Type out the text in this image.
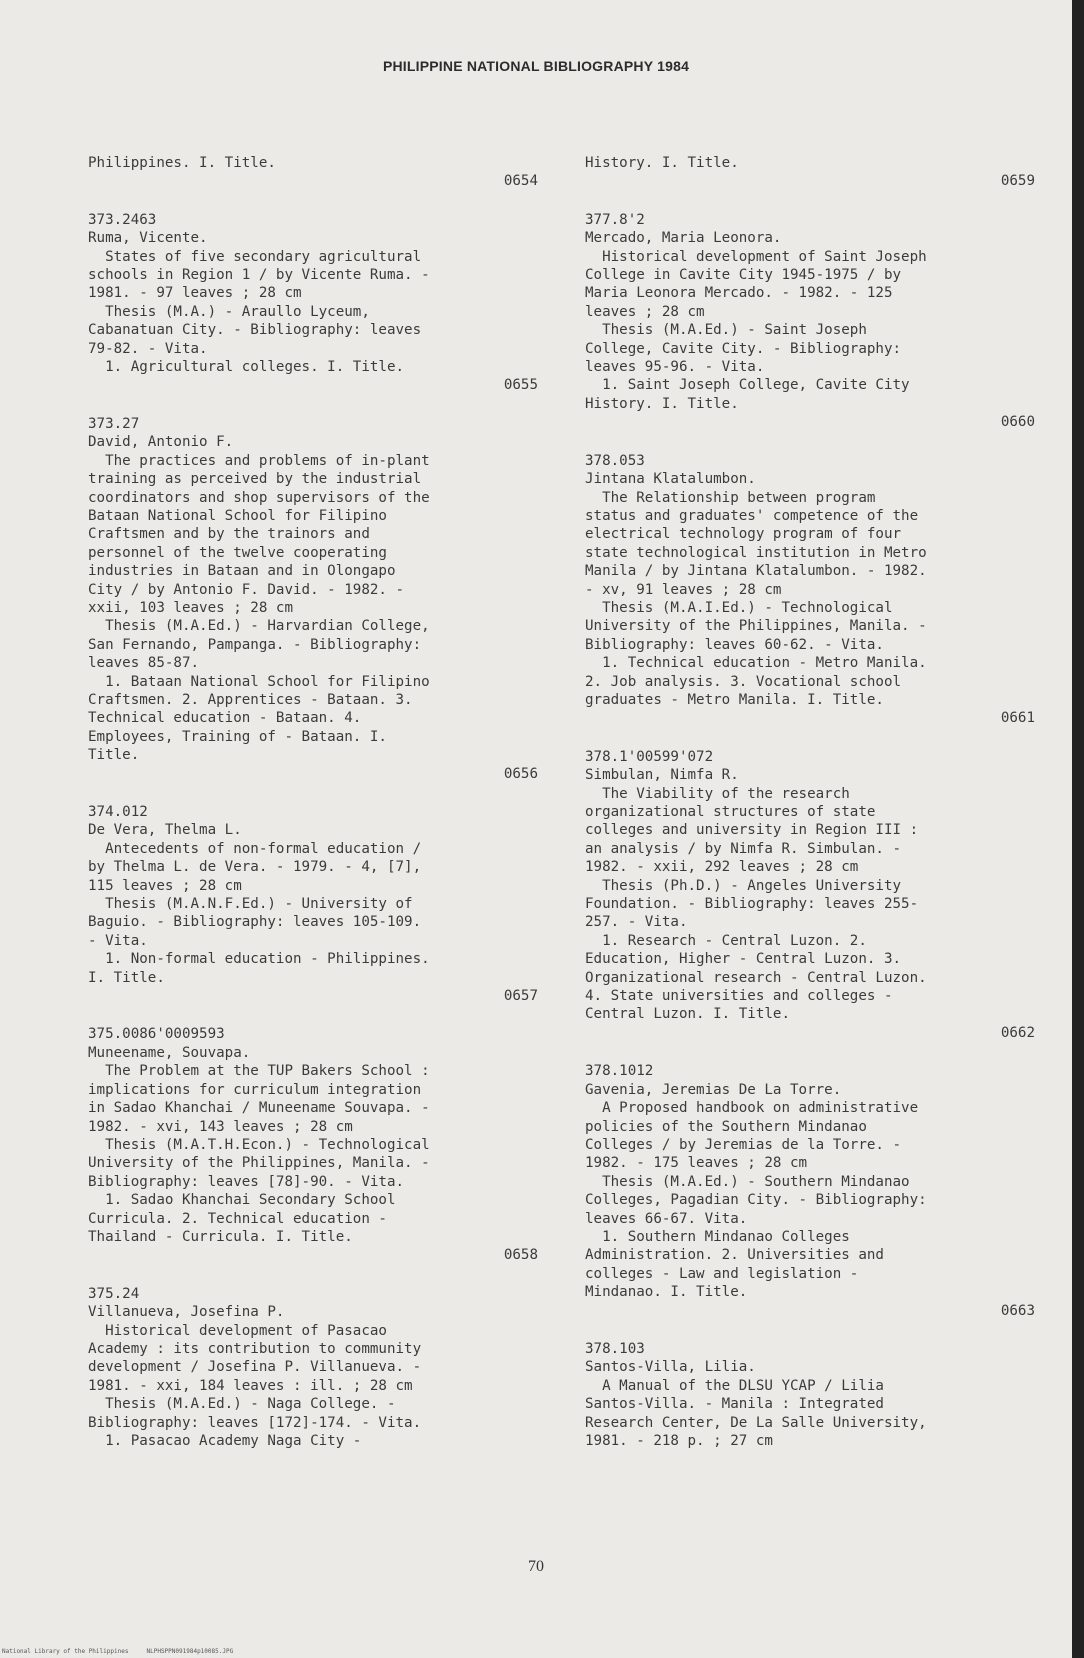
PHILIPPINE NATIONAL BIBLIOGRAPHY 1984
Philippines. I. Title.
0654
373.2463
Ruma, Vicente.
States of five secondary agricultural
schools in Region 1 / by Vicente Ruma. -
1981. - 97 leaves ; 28 cm
Thesis (M.A.) - Araullo Lyceum,
Cabanatuan City. - Bibliography: leaves
79-82. - Vita.
1. Agricultural colleges. I. Title.
0655
373.27
David, Antonio F.
The practices and problems of in-plant
training as perceived by the industrial
coordinators and shop supervisors of the
Bataan National School for Filipino
Craftsmen and by the trainors and
personnel of the twelve cooperating
industries in Bataan and in Olongapo
City / by Antonio F. David. - 1982. -
xxii, 103 leaves ; 28 cm
Thesis (M.A.Ed.) - Harvardian College,
San Fernando, Pampanga. - Bibliography:
leaves 85-87.
1. Bataan National School for Filipino
Craftsmen. 2. Apprentices - Bataan. 3.
Technical education - Bataan. 4.
Employees, Training of - Bataan. I.
Title.
0656
374.012
De Vera, Thelma L.
Antecedents of non-formal education /
by Thelma L. de Vera. - 1979. - 4, [7],
115 leaves ; 28 cm
Thesis (M.A.N.F.Ed.) - University of
Baguio. - Bibliography: leaves 105-109.
- Vita.
1. Non-formal education - Philippines.
I. Title.
0657
375.0086'0009593
Muneename, Souvapa.
The Problem at the TUP Bakers School :
implications for curriculum integration
in Sadao Khanchai / Muneename Souvapa. -
1982. - xvi, 143 leaves ; 28 cm
Thesis (M.A.T.H.Econ.) - Technological
University of the Philippines, Manila. -
Bibliography: leaves [78]-90. - Vita.
1. Sadao Khanchai Secondary School
Curricula. 2. Technical education -
Thailand - Curricula. I. Title.
0658
375.24
Villanueva, Josefina P.
Historical development of Pasacao
Academy : its contribution to community
development / Josefina P. Villanueva. -
1981. - xxi, 184 leaves : ill. ; 28 cm
Thesis (M.A.Ed.) - Naga College. -
Bibliography: leaves [172]-174. - Vita.
1. Pasacao Academy Naga City -
History. I. Title.
0659
377.8'2
Mercado, Maria Leonora.
Historical development of Saint Joseph
College in Cavite City 1945-1975 / by
Maria Leonora Mercado. - 1982. - 125
leaves ; 28 cm
Thesis (M.A.Ed.) - Saint Joseph
College, Cavite City. - Bibliography:
leaves 95-96. - Vita.
1. Saint Joseph College, Cavite City
History. I. Title.
0660
378.053
Jintana Klatalumbon.
The Relationship between program
status and graduates' competence of the
electrical technology program of four
state technological institution in Metro
Manila / by Jintana Klatalumbon. - 1982.
- xv, 91 leaves ; 28 cm
Thesis (M.A.I.Ed.) - Technological
University of the Philippines, Manila. -
Bibliography: leaves 60-62. - Vita.
1. Technical education - Metro Manila.
2. Job analysis. 3. Vocational school
graduates - Metro Manila. I. Title.
0661
378.1'00599'072
Simbulan, Nimfa R.
The Viability of the research
organizational structures of state
colleges and university in Region III :
an analysis / by Nimfa R. Simbulan. -
1982. - xxii, 292 leaves ; 28 cm
Thesis (Ph.D.) - Angeles University
Foundation. - Bibliography: leaves 255-
257. - Vita.
1. Research - Central Luzon. 2.
Education, Higher - Central Luzon. 3.
Organizational research - Central Luzon.
4. State universities and colleges -
Central Luzon. I. Title.
0662
378.1012
Gavenia, Jeremias De La Torre.
A Proposed handbook on administrative
policies of the Southern Mindanao
Colleges / by Jeremias de la Torre. -
1982. - 175 leaves ; 28 cm
Thesis (M.A.Ed.) - Southern Mindanao
Colleges, Pagadian City. - Bibliography:
leaves 66-67. Vita.
1. Southern Mindanao Colleges
Administration. 2. Universities and
colleges - Law and legislation -
Mindanao. I. Title.
0663
378.103
Santos-Villa, Lilia.
A Manual of the DLSU YCAP / Lilia
Santos-Villa. - Manila : Integrated
Research Center, De La Salle University,
1981. - 218 p. ; 27 cm
70
National Library of the Philippines     NLPHSPPN091984p10085.JPG
